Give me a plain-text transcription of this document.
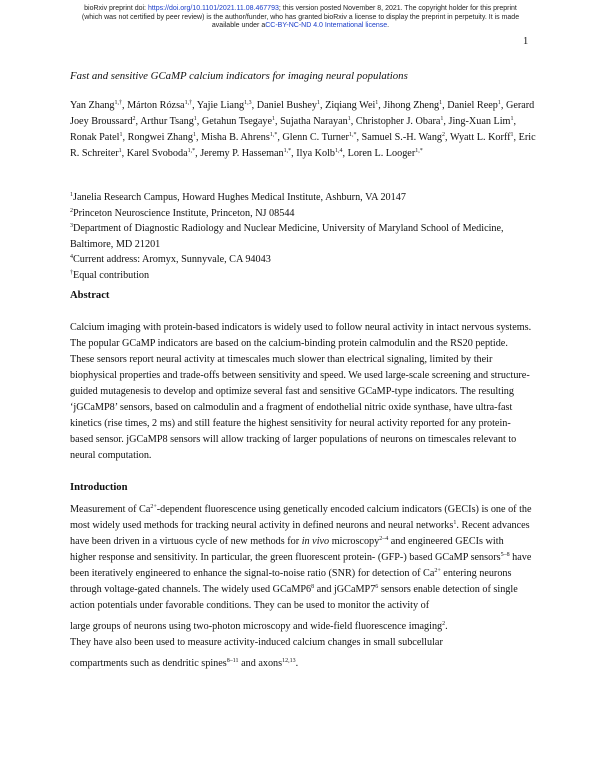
bioRxiv preprint doi: https://doi.org/10.1101/2021.11.08.467793; this version posted November 8, 2021. The copyright holder for this preprint
(which was not certified by peer review) is the author/funder, who has granted bioRxiv a license to display the preprint in perpetuity. It is made
available under aCC-BY-NC-ND 4.0 International license.
1
Fast and sensitive GCaMP calcium indicators for imaging neural populations
Yan Zhang$^{1,\dagger}$, Márton Rózsa$^{1,\dagger}$, Yajie Liang$^{1,3}$, Daniel Bushey$^1$, Ziqiang Wei$^1$, Jihong Zheng$^1$, Daniel Reep$^1$, Gerard Joey Broussard$^2$, Arthur Tsang$^1$, Getahun Tsegaye$^1$, Sujatha Narayan$^1$, Christopher J. Obara$^1$, Jing-Xuan Lim$^1$, Ronak Patel$^1$, Rongwei Zhang$^1$, Misha B. Ahrens$^{1,*}$, Glenn C. Turner$^{1,*}$, Samuel S.-H. Wang$^2$, Wyatt L. Korff$^1$, Eric R. Schreiter$^1$, Karel Svoboda$^{1,*}$, Jeremy P. Hasseman$^{1,*}$, Ilya Kolb$^{1,4}$, Loren L. Looger$^{1,*}$
$^1$Janelia Research Campus, Howard Hughes Medical Institute, Ashburn, VA 20147
$^2$Princeton Neuroscience Institute, Princeton, NJ 08544
$^3$Department of Diagnostic Radiology and Nuclear Medicine, University of Maryland School of Medicine, Baltimore, MD 21201
$^4$Current address: Aromyx, Sunnyvale, CA 94043
†Equal contribution
Abstract

Calcium imaging with protein-based indicators is widely used to follow neural activity in intact nervous systems. The popular GCaMP indicators are based on the calcium-binding protein calmodulin and the RS20 peptide. These sensors report neural activity at timescales much slower than electrical signaling, limited by their biophysical properties and trade-offs between sensitivity and speed. We used large-scale screening and structure-guided mutagenesis to develop and optimize several fast and sensitive GCaMP-type indicators. The resulting ‘jGCaMP8’ sensors, based on calmodulin and a fragment of endothelial nitric oxide synthase, have ultra-fast kinetics (rise times, 2 ms) and still feature the highest sensitivity for neural activity reported for any protein-based sensor. jGCaMP8 sensors will allow tracking of larger populations of neurons on timescales relevant to neural computation.

Introduction

Measurement of $Ca^{2+}$-dependent fluorescence using genetically encoded calcium indicators (GECIs) is one of the most widely used methods for tracking neural activity in defined neurons and neural networks$^1$. Recent advances have been driven in a virtuous cycle of new methods for in vivo microscopy$^{2-4}$ and engineered GECIs with higher response and sensitivity. In particular, the green fluorescent protein- (GFP-) based GCaMP sensors$^{5-8}$ have been iteratively engineered to enhance the signal-to-noise ratio (SNR) for detection of $Ca^{2+}$ entering neurons through voltage-gated channels. The widely used $GCaMP6^8$ and $jGCaMP7^6$ sensors enable detection of single action potentials under favorable conditions. They can be used to monitor the activity of

large groups of neurons using two-photon microscopy and wide-field fluorescence imaging$^2$.
They have also been used to measure activity-induced calcium changes in small subcellular
compartments such as dendritic spines$^{8-11}$ and axons$^{12,13}$.
